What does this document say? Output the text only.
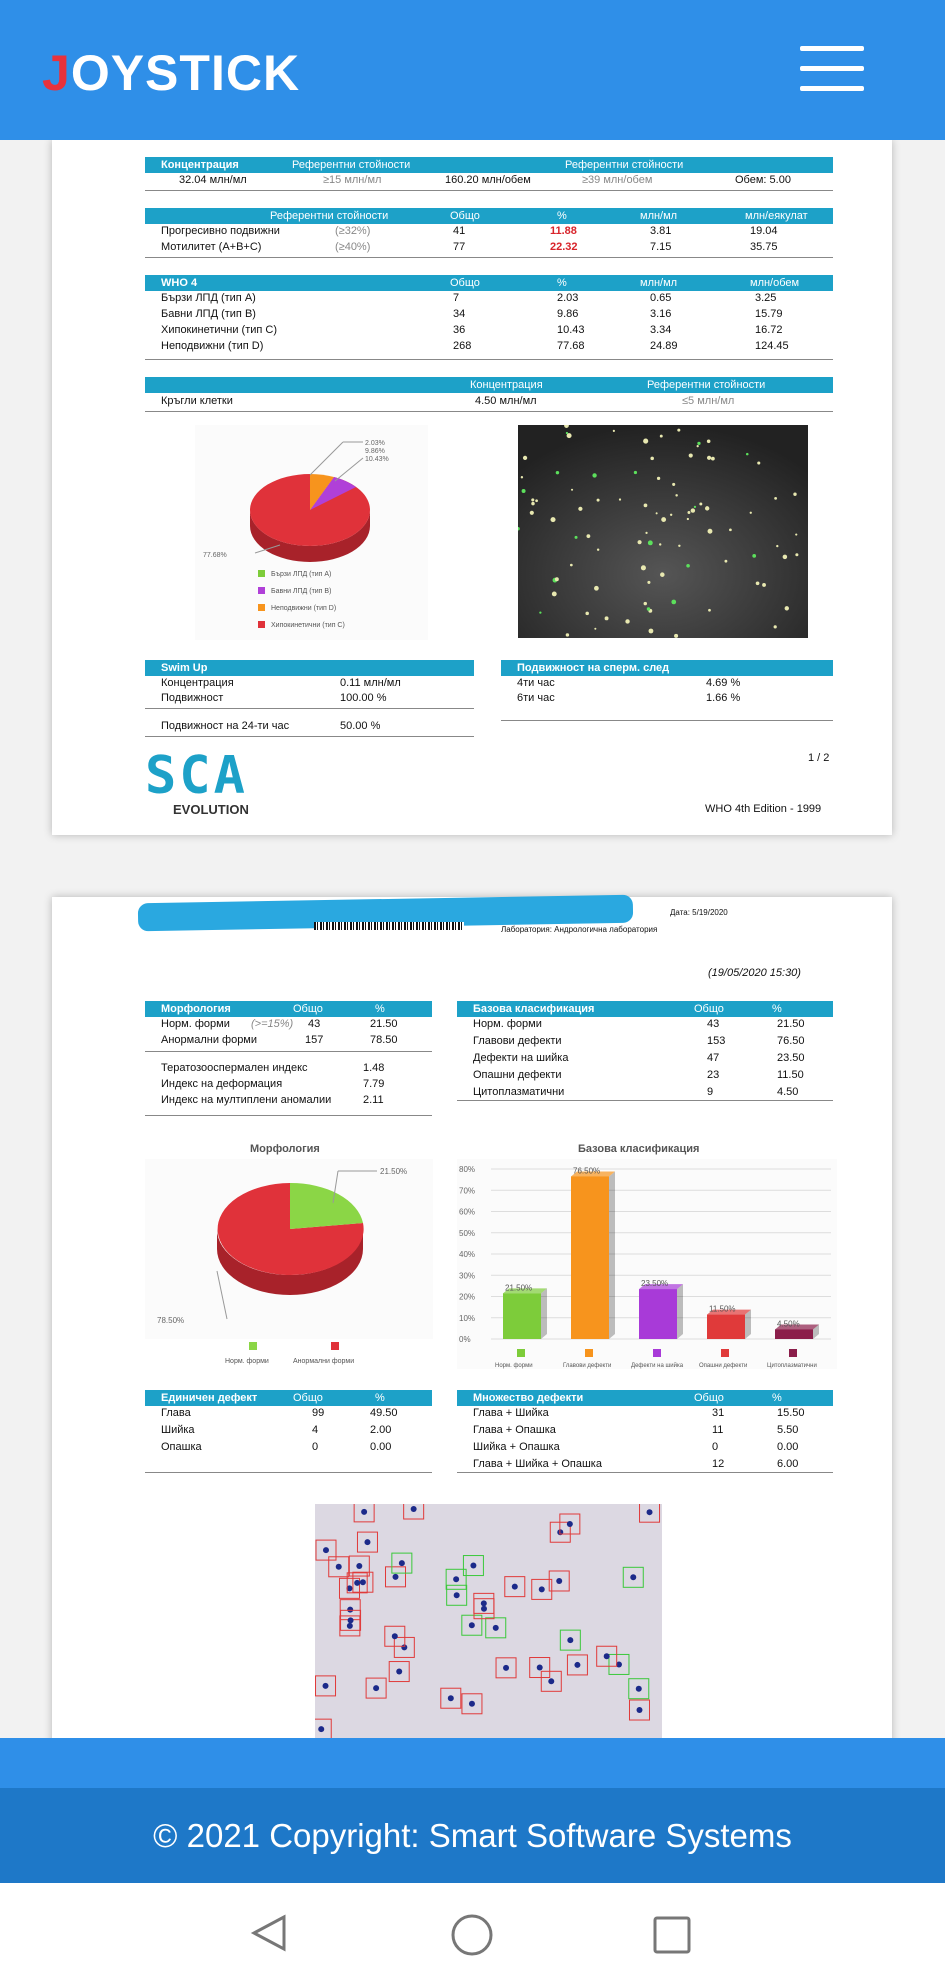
JOYSTICK
Концентрация	Референтни стойности	Референтни стойности
32.04 млн/мл	≥15 млн/мл	160.20 млн/обем	≥39 млн/обем	Обем: 5.00
Референтни стойности	Общо	%	млн/мл	млн/еякулат
Прогресивно подвижни	(≥32%)	41	11.88	3.81	19.04
Мотилитет (A+B+C)	(≥40%)	77	22.32	7.15	35.75
WHO 4	Общо	%	млн/мл	млн/обем
Концентрация	Референтни стойности
Кръгли клетки	4.50 млн/мл	≤5 млн/мл
2.03%
9.86%
10.43%
77.68%
Бързи ЛПД (тип A)
Бавни ЛПД (тип B)
Неподвижни (тип D)
Хипокинетични (тип C)
Swim Up
Концентрация	0.11 млн/мл
Подвижност	100.00 %
Подвижност на 24-ти час	50.00 %
Подвижност на сперм. след
4ти час	4.69 %
6ти час	1.66 %
SCA
EVOLUTION
1 / 2
WHO 4th Edition - 1999
Бързи ЛПД (тип A)	7	2.03	0.65	3.25
Бавни ЛПД (тип B)	34	9.86	3.16	15.79
Хипокинетични (тип C)	36	10.43	3.34	16.72
Неподвижни (тип D)	268	77.68	24.89	124.45
Дата: 5/19/2020
Лаборатория: Андрологична лаборатория
(19/05/2020 15:30)
Морфология	Общо	%
Норм. форми (>=15%) 43	21.50
Анормални форми	157	78.50
Базова класификация	Общо	%
Морфология
21.50%
78.50%
Норм. форми	Анормални форми
Базова класификация
0%
10%
20%
30%
40%
50%
60%
70%
80%
21.50%
Норм. форми
76.50%
Главови дефекти
23.50%
Дефекти на шийка
11.50%
Опашни дефекти
4.50%
Цитоплазматични
Единичен дефект	Общо	%	Множество дефекти	Общо	%
Тератозооспермален индекс	1.48
Индекс на деформация	7.79
Индекс на мултиплени аномалии	2.11
Норм. форми	43	21.50
Главови дефекти	153	76.50
Дефекти на шийка	47	23.50
Опашни дефекти	23	11.50
Цитоплазматични	9	4.50
Глава	99	49.50
Шийка	4	2.00
Опашка	0	0.00
Глава + Шийка	31	15.50
Глава + Опашка	11	5.50
Шийка + Опашка	0	0.00
Глава + Шийка + Опашка	12	6.00
© 2021 Copyright: Smart Software Systems
